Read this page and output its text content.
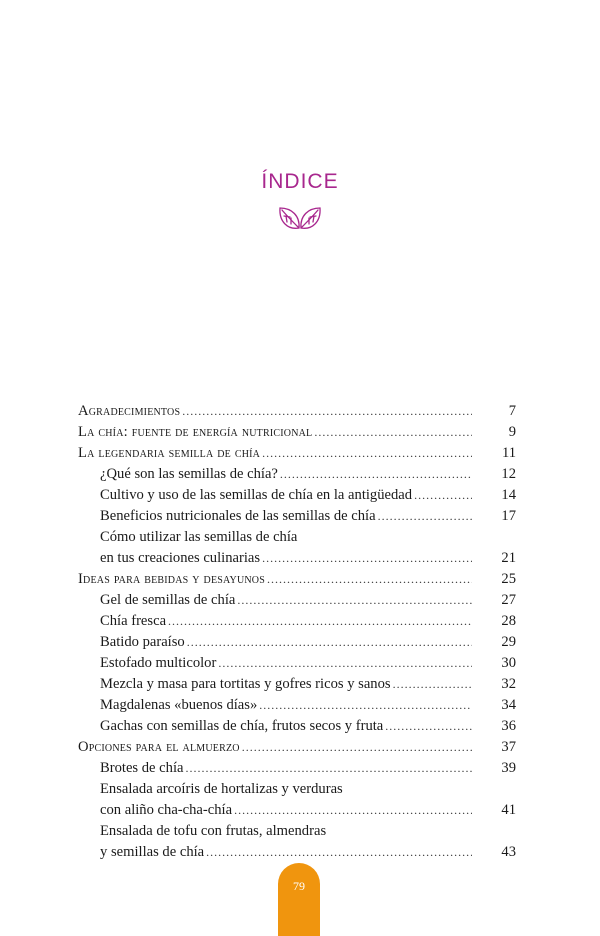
ÍNDICE
Agradecimientos .....	7
La chía: fuente de energía nutricional .....	9
La legendaria semilla de chía .....	11
¿Qué son las semillas de chía? .....	12
Cultivo y uso de las semillas de chía en la antigüedad .....	14
Beneficios nutricionales de las semillas de chía .....	17
Cómo utilizar las semillas de chía
en tus creaciones culinarias .....	21
Ideas para bebidas y desayunos .....	25
Gel de semillas de chía .....	27
Chía fresca .....	28
Batido paraíso .....	29
Estofado multicolor .....	30
Mezcla y masa para tortitas y gofres ricos y sanos .....	32
Magdalenas «buenos días» .....	34
Gachas con semillas de chía, frutos secos y fruta .....	36
Opciones para el almuerzo .....	37
Brotes de chía .....	39
Ensalada arcoíris de hortalizas y verduras
con aliño cha-cha-chía .....	41
Ensalada de tofu con frutas, almendras
y semillas de chía .....	43
79
